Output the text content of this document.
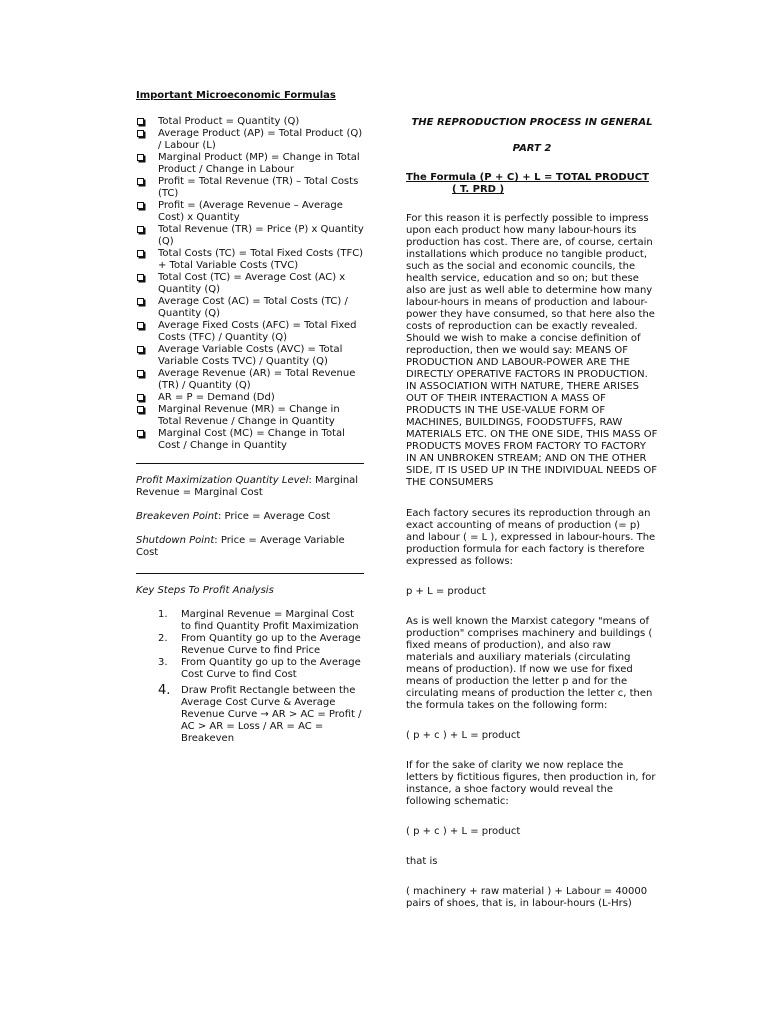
Important Microeconomic Formulas

Total Product = Quantity (Q)
Average Product (AP) = Total Product (Q) / Labour (L)
Marginal Product (MP) = Change in Total Product / Change in Labour
Profit = Total Revenue (TR) – Total Costs (TC)
Profit = (Average Revenue – Average Cost) x Quantity
Total Revenue (TR) = Price (P) x Quantity (Q)
Total Costs (TC) = Total Fixed Costs (TFC) + Total Variable Costs (TVC)
Total Cost (TC) = Average Cost (AC) x Quantity (Q)
Average Cost (AC) = Total Costs (TC) / Quantity (Q)
Average Fixed Costs (AFC) = Total Fixed Costs (TFC) / Quantity (Q)
Average Variable Costs (AVC) = Total Variable Costs TVC) / Quantity (Q)
Average Revenue (AR) = Total Revenue (TR) / Quantity (Q)
AR = P = Demand (Dd)
Marginal Revenue (MR) = Change in Total Revenue / Change in Quantity
Marginal Cost (MC) = Change in Total Cost / Change in Quantity

Profit Maximization Quantity Level: Marginal Revenue = Marginal Cost

Breakeven Point: Price = Average Cost

Shutdown Point: Price = Average Variable Cost

Key Steps To Profit Analysis

1. Marginal Revenue = Marginal Cost to find Quantity Profit Maximization
2. From Quantity go up to the Average Revenue Curve to find Price
3. From Quantity go up to the Average Cost Curve to find Cost
4. Draw Profit Rectangle between the Average Cost Curve & Average Revenue Curve → AR > AC = Profit / AC > AR = Loss / AR = AC = Breakeven

THE REPRODUCTION PROCESS IN GENERAL

PART 2

The Formula (P + C) + L = TOTAL PRODUCT
( T. PRD )

For this reason it is perfectly possible to impress upon each product how many labour-hours its production has cost. There are, of course, certain installations which produce no tangible product, such as the social and economic councils, the health service, education and so on; but these also are just as well able to determine how many labour-hours in means of production and labour-power they have consumed, so that here also the costs of reproduction can be exactly revealed. Should we wish to make a concise definition of reproduction, then we would say: MEANS OF PRODUCTION AND LABOUR-POWER ARE THE DIRECTLY OPERATIVE FACTORS IN PRODUCTION. IN ASSOCIATION WITH NATURE, THERE ARISES OUT OF THEIR INTERACTION A MASS OF PRODUCTS IN THE USE-VALUE FORM OF MACHINES, BUILDINGS, FOODSTUFFS, RAW MATERIALS ETC. ON THE ONE SIDE, THIS MASS OF PRODUCTS MOVES FROM FACTORY TO FACTORY IN AN UNBROKEN STREAM; AND ON THE OTHER SIDE, IT IS USED UP IN THE INDIVIDUAL NEEDS OF THE CONSUMERS

Each factory secures its reproduction through an exact accounting of means of production (= p) and labour ( = L ), expressed in labour-hours. The production formula for each factory is therefore expressed as follows:

p + L = product

As is well known the Marxist category "means of production" comprises machinery and buildings ( fixed means of production), and also raw materials and auxiliary materials (circulating means of production). If now we use for fixed means of production the letter p and for the circulating means of production the letter c, then the formula takes on the following form:

( p + c ) + L = product

If for the sake of clarity we now replace the letters by fictitious figures, then production in, for instance, a shoe factory would reveal the following schematic:

( p + c ) + L = product

that is

( machinery + raw material ) + Labour = 40000 pairs of shoes, that is, in labour-hours (L-Hrs)
